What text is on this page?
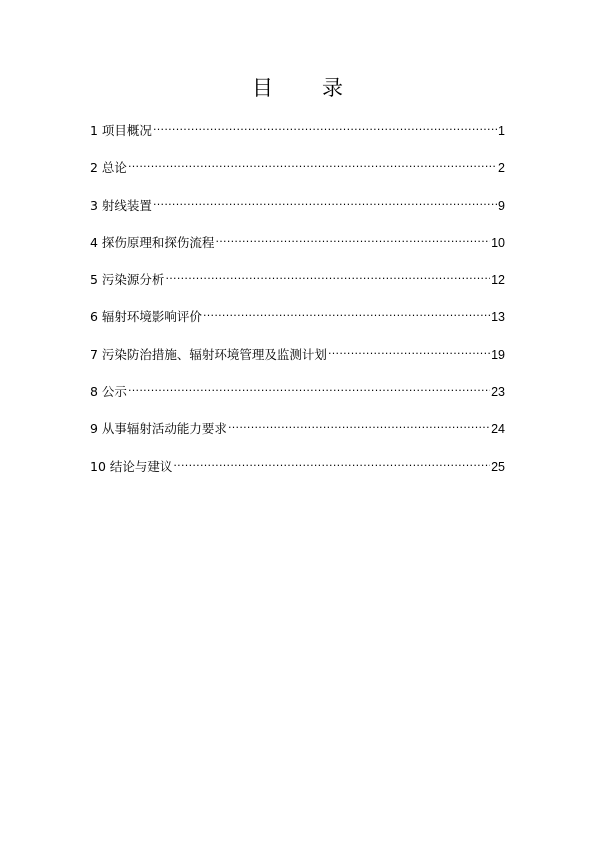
目　录
1 项目概况 .....	1
2 总论 .....	2
3 射线装置 .....	9
4 探伤原理和探伤流程 .....	10
5 污染源分析 .....	12
6 辐射环境影响评价 .....	13
7 污染防治措施、辐射环境管理及监测计划 .....	19
8 公示 .....	23
9 从事辐射活动能力要求 .....	24
10 结论与建议 .....	25
